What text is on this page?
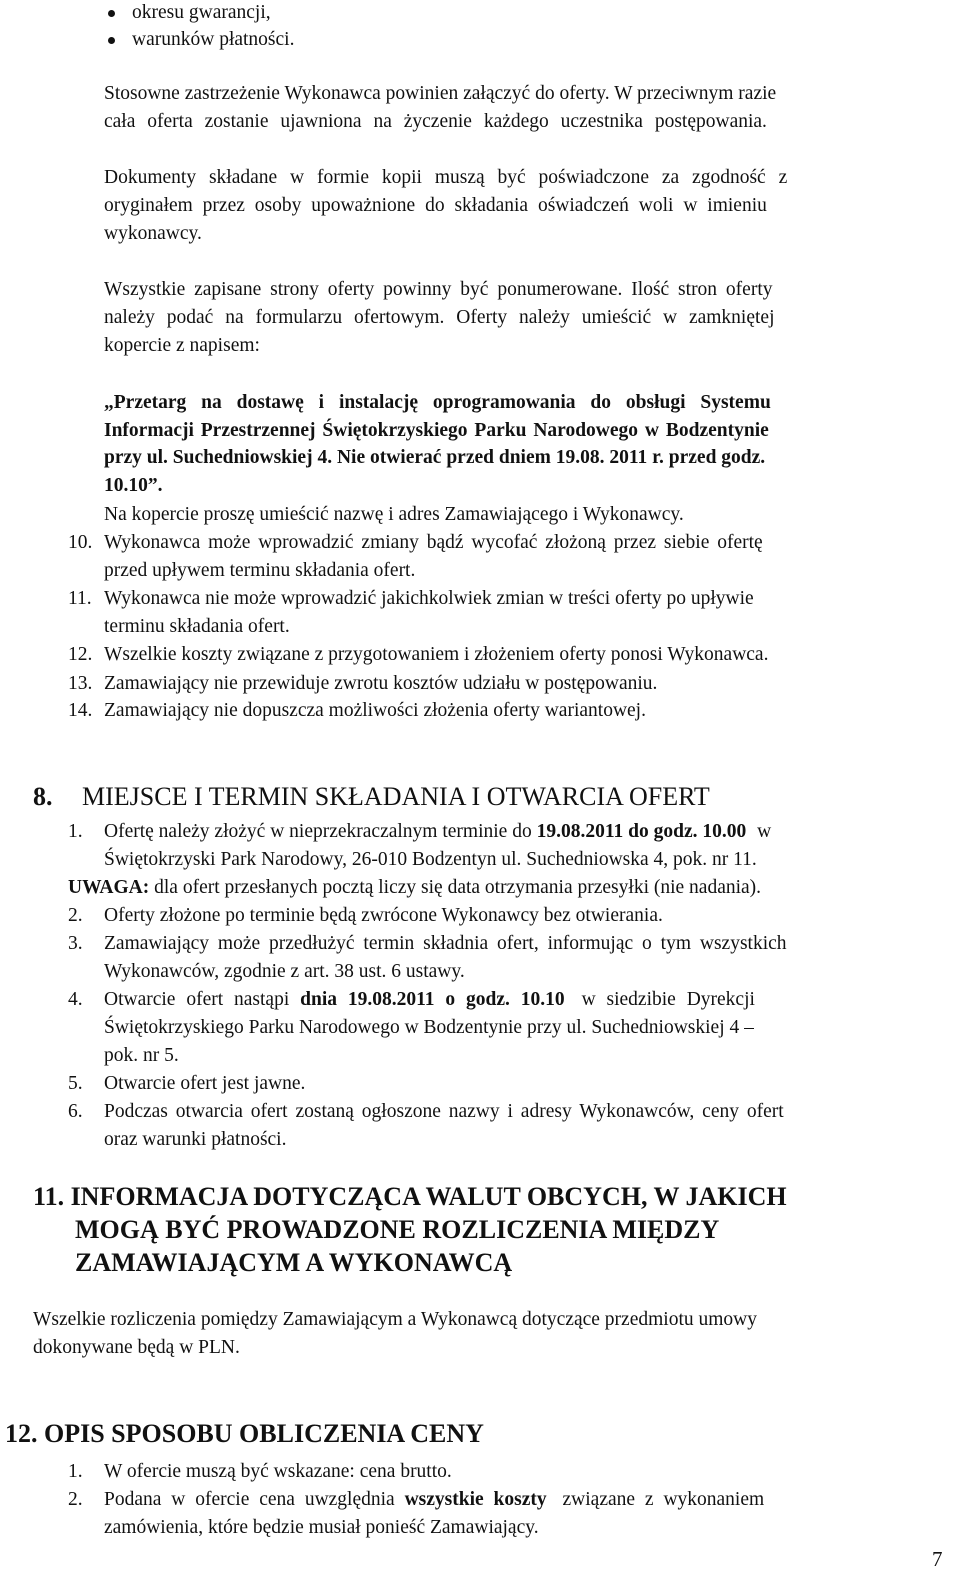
okresu gwarancji,
warunków płatności.
Stosowne zastrzeżenie Wykonawca powinien załączyć do oferty. W przeciwnym razie
cała oferta zostanie ujawniona na życzenie każdego uczestnika postępowania.
Dokumenty składane w formie kopii muszą być poświadczone za zgodność z
oryginałem przez osoby upoważnione do składania oświadczeń woli w imieniu
wykonawcy.
Wszystkie zapisane strony oferty powinny być ponumerowane. Ilość stron oferty
należy podać na formularzu ofertowym. Oferty należy umieścić w zamkniętej
kopercie z napisem:
„Przetarg na dostawę i instalację oprogramowania do obsługi Systemu
Informacji Przestrzennej Świętokrzyskiego Parku Narodowego w Bodzentynie
przy ul. Suchedniowskiej 4. Nie otwierać przed dniem 19.08. 2011 r. przed godz.
10.10”.
Na kopercie proszę umieścić nazwę i adres Zamawiającego i Wykonawcy.
10. Wykonawca może wprowadzić zmiany bądź wycofać złożoną przez siebie ofertę
przed upływem terminu składania ofert.
11. Wykonawca nie może wprowadzić jakichkolwiek zmian w treści oferty po upływie
terminu składania ofert.
12. Wszelkie koszty związane z przygotowaniem i złożeniem oferty ponosi Wykonawca.
13. Zamawiający nie przewiduje zwrotu kosztów udziału w postępowaniu.
14. Zamawiający nie dopuszcza możliwości złożenia oferty wariantowej.
8. MIEJSCE I TERMIN SKŁADANIA I OTWARCIA OFERT
1. Ofertę należy złożyć w nieprzekraczalnym terminie do 19.08.2011 do godz. 10.00 w
Świętokrzyski Park Narodowy, 26-010 Bodzentyn ul. Suchedniowska 4, pok. nr 11.
UWAGA: dla ofert przesłanych pocztą liczy się data otrzymania przesyłki (nie nadania).
2. Oferty złożone po terminie będą zwrócone Wykonawcy bez otwierania.
3. Zamawiający może przedłużyć termin składnia ofert, informując o tym wszystkich
Wykonawców, zgodnie z art. 38 ust. 6 ustawy.
4. Otwarcie ofert nastąpi dnia 19.08.2011 o godz. 10.10 w siedzibie Dyrekcji
Świętokrzyskiego Parku Narodowego w Bodzentynie przy ul. Suchedniowskiej 4 –
pok. nr 5.
5. Otwarcie ofert jest jawne.
6. Podczas otwarcia ofert zostaną ogłoszone nazwy i adresy Wykonawców, ceny ofert
oraz warunki płatności.
11. INFORMACJA DOTYCZĄCA WALUT OBCYCH, W JAKICH
MOGĄ BYĆ PROWADZONE ROZLICZENIA MIĘDZY
ZAMAWIAJĄCYM A WYKONAWCĄ
Wszelkie rozliczenia pomiędzy Zamawiającym a Wykonawcą dotyczące przedmiotu umowy
dokonywane będą w PLN.
12. OPIS SPOSOBU OBLICZENIA CENY
1. W ofercie muszą być wskazane: cena brutto.
2. Podana w ofercie cena uwzględnia wszystkie koszty związane z wykonaniem
zamówienia, które będzie musiał ponieść Zamawiający.
7
